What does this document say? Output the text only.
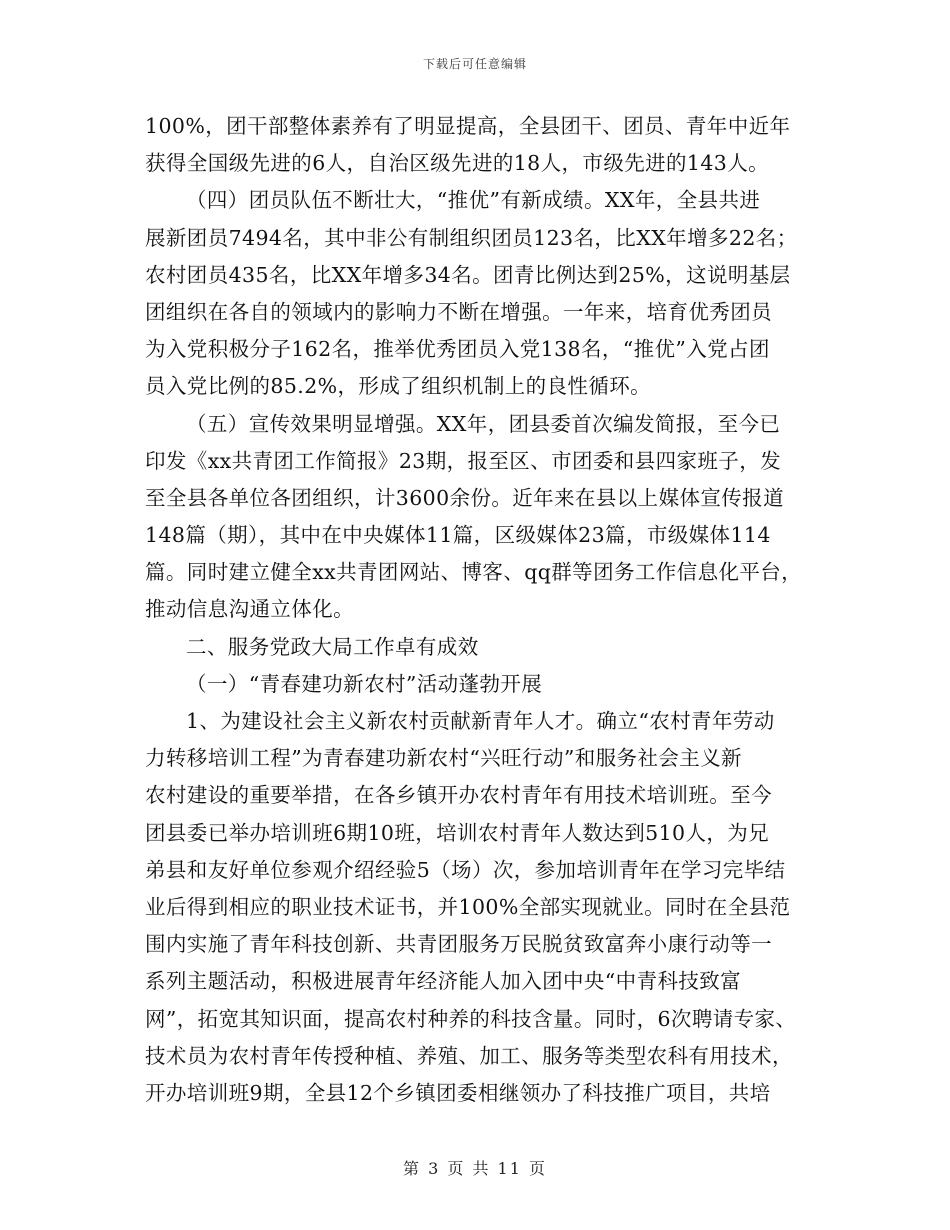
下载后可任意编辑
100%，团干部整体素养有了明显提高，全县团干、团员、青年中近年
获得全国级先进的6人，自治区级先进的18人，市级先进的143人。
（四）团员队伍不断壮大，“推优”有新成绩。XX年，全县共进
展新团员7494名，其中非公有制组织团员123名，比XX年增多22名；
农村团员435名，比XX年增多34名。团青比例达到25%，这说明基层
团组织在各自的领域内的影响力不断在增强。一年来，培育优秀团员
为入党积极分子162名，推举优秀团员入党138名，“推优”入党占团
员入党比例的85.2%，形成了组织机制上的良性循环。
（五）宣传效果明显增强。XX年，团县委首次编发简报，至今已
印发《xx共青团工作简报》23期，报至区、市团委和县四家班子，发
至全县各单位各团组织，计3600余份。近年来在县以上媒体宣传报道
148篇（期），其中在中央媒体11篇，区级媒体23篇，市级媒体114
篇。同时建立健全xx共青团网站、博客、qq群等团务工作信息化平台，
推动信息沟通立体化。
二、服务党政大局工作卓有成效
（一）“青春建功新农村”活动蓬勃开展
1、为建设社会主义新农村贡献新青年人才。确立“农村青年劳动
力转移培训工程”为青春建功新农村“兴旺行动”和服务社会主义新
农村建设的重要举措，在各乡镇开办农村青年有用技术培训班。至今
团县委已举办培训班6期10班，培训农村青年人数达到510人，为兄
弟县和友好单位参观介绍经验5（场）次，参加培训青年在学习完毕结
业后得到相应的职业技术证书，并100%全部实现就业。同时在全县范
围内实施了青年科技创新、共青团服务万民脱贫致富奔小康行动等一
系列主题活动，积极进展青年经济能人加入团中央“中青科技致富
网”，拓宽其知识面，提高农村种养的科技含量。同时，6次聘请专家、
技术员为农村青年传授种植、养殖、加工、服务等类型农科有用技术，
开办培训班9期，全县12个乡镇团委相继领办了科技推广项目，共培
第 3 页 共 11 页
